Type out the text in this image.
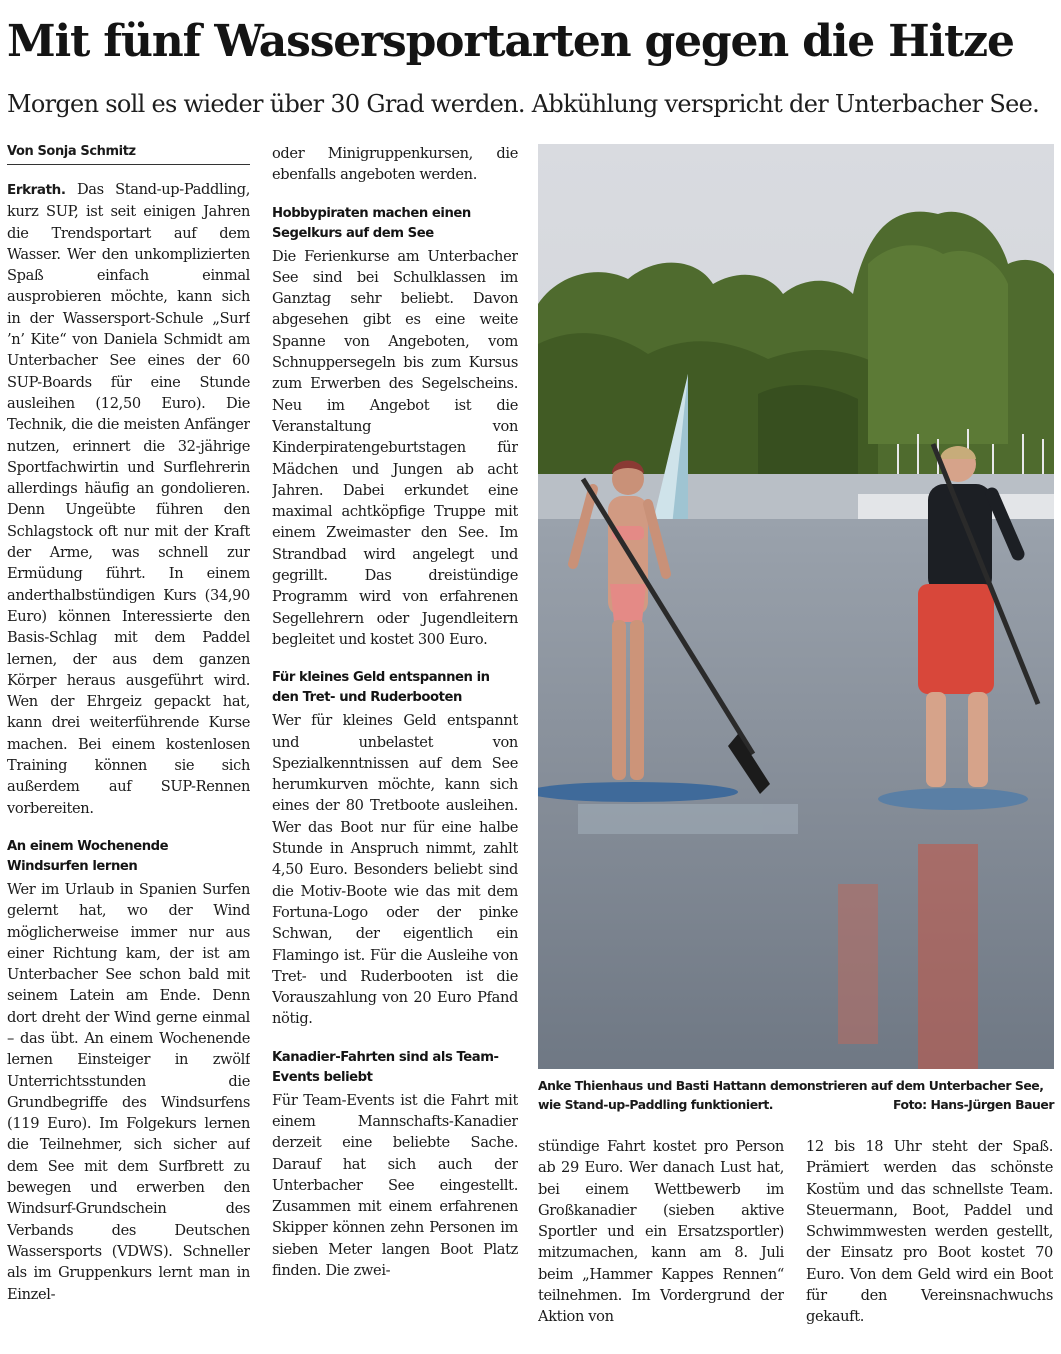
Mit fünf Wassersportarten gegen die Hitze
Morgen soll es wieder über 30 Grad werden. Abkühlung verspricht der Unterbacher See.
Von Sonja Schmitz

Erkrath. Das Stand-up-Paddling, kurz SUP, ist seit einigen Jahren die Trendsportart auf dem Wasser. Wer den unkomplizierten Spaß einfach einmal ausprobieren möchte, kann sich in der Wassersport-Schule „Surf ’n’ Kite“ von Daniela Schmidt am Unterbacher See eines der 60 SUP-Boards für eine Stunde ausleihen (12,50 Euro). Die Technik, die die meisten Anfänger nutzen, erinnert die 32-jährige Sportfachwirtin und Surflehrerin allerdings häufig an gondolieren. Denn Ungeübte führen den Schlagstock oft nur mit der Kraft der Arme, was schnell zur Ermüdung führt. In einem anderthalbstündigen Kurs (34,90 Euro) können Interessierte den Basis-Schlag mit dem Paddel lernen, der aus dem ganzen Körper heraus ausgeführt wird. Wen der Ehrgeiz gepackt hat, kann drei weiterführende Kurse machen. Bei einem kostenlosen Training können sie sich außerdem auf SUP-Rennen vorbereiten.

An einem Wochenende Windsurfen lernen

Wer im Urlaub in Spanien Surfen gelernt hat, wo der Wind möglicherweise immer nur aus einer Richtung kam, der ist am Unterbacher See schon bald mit seinem Latein am Ende. Denn dort dreht der Wind gerne einmal – das übt. An einem Wochenende lernen Einsteiger in zwölf Unterrichtsstunden die Grundbegriffe des Windsurfens (119 Euro). Im Folgekurs lernen die Teilnehmer, sich sicher auf dem See mit dem Surfbrett zu bewegen und erwerben den Windsurf-Grundschein des Verbands des Deutschen Wassersports (VDWS). Schneller als im Gruppenkurs lernt man in Einzel-

oder Minigruppenkursen, die ebenfalls angeboten werden.

Hobbypiraten machen einen Segelkurs auf dem See

Die Ferienkurse am Unterbacher See sind bei Schulklassen im Ganztag sehr beliebt. Davon abgesehen gibt es eine weite Spanne von Angeboten, vom Schnuppersegeln bis zum Kursus zum Erwerben des Segelscheins. Neu im Angebot ist die Veranstaltung von Kinderpiratengeburtstagen für Mädchen und Jungen ab acht Jahren. Dabei erkundet eine maximal achtköpfige Truppe mit einem Zweimaster den See. Im Strandbad wird angelegt und gegrillt. Das dreistündige Programm wird von erfahrenen Segellehrern oder Jugendleitern begleitet und kostet 300 Euro.

Für kleines Geld entspannen in den Tret- und Ruderbooten

Wer für kleines Geld entspannt und unbelastet von Spezialkenntnissen auf dem See herumkurven möchte, kann sich eines der 80 Tretboote ausleihen. Wer das Boot nur für eine halbe Stunde in Anspruch nimmt, zahlt 4,50 Euro. Besonders beliebt sind die Motiv-Boote wie das mit dem Fortuna-Logo oder der pinke Schwan, der eigentlich ein Flamingo ist. Für die Ausleihe von Tret- und Ruderbooten ist die Vorauszahlung von 20 Euro Pfand nötig.

Kanadier-Fahrten sind als Team-Events beliebt

Für Team-Events ist die Fahrt mit einem Mannschafts-Kanadier derzeit eine beliebte Sache. Darauf hat sich auch der Unterbacher See eingestellt. Zusammen mit einem erfahrenen Skipper können zehn Personen im sieben Meter langen Boot Platz finden. Die zwei-

Anke Thienhaus und Basti Hattann demonstrieren auf dem Unterbacher See, wie Stand-up-Paddling funktioniert.	Foto: Hans-Jürgen Bauer

stündige Fahrt kostet pro Person ab 29 Euro. Wer danach Lust hat, bei einem Wettbewerb im Großkanadier (sieben aktive Sportler und ein Ersatzsportler) mitzumachen, kann am 8. Juli beim „Hammer Kappes Rennen“ teilnehmen. Im Vordergrund der Aktion von

12 bis 18 Uhr steht der Spaß. Prämiert werden das schönste Kostüm und das schnellste Team. Steuermann, Boot, Paddel und Schwimmwesten werden gestellt, der Einsatz pro Boot kostet 70 Euro. Von dem Geld wird ein Boot für den Vereinsnachwuchs gekauft.
